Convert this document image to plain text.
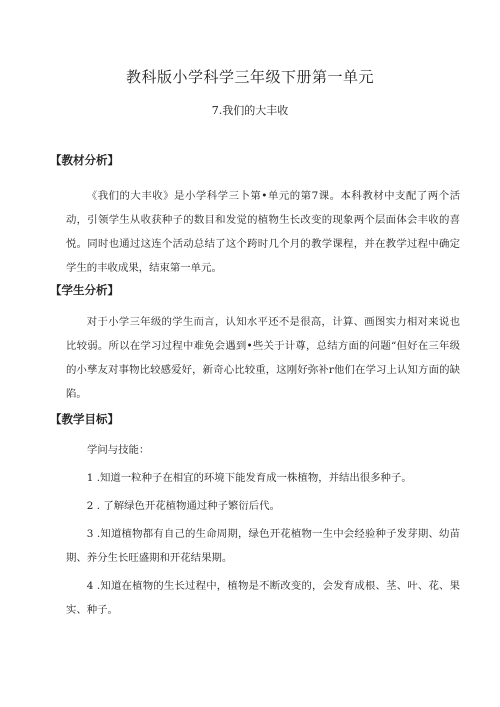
教科版小学科学三年级下册第一单元
7.我们的大丰收
【教材分析】
《我们的大丰收》是小学科学三卜第•单元的第7课。本科教材中支配了两个活动，引领学生从收获种子的数目和发觉的植物生长改变的现象两个层面体会丰收的喜悦。同时也通过这连个活动总结了这个跨时几个月的教学课程，并在教学过程中确定学生的丰收成果，结束第一单元。
【学生分析】
对于小学三年级的学生而言，认知水平还不是很高，计算、画图实力相对来说也比较弱。所以在学习过程中难免会遇到•些关于计尊，总结方面的问题“但好在三年级的小孳友对事物比较感爱好，新奇心比较重，这刚好弥补r他们在学习上认知方面的缺陷。
【教学目标】
学问与技能：
1 .知道一粒种子在相宜的环境下能发育成一株植物，并结出很多种子。
2 . 了解绿色开花植物通过种子繁衍后代。
3 .知道植物都有自己的生命周期，绿色开花植物一生中会经验种子发芽期、幼苗期、养分生长旺盛期和开花结果期。
4 .知道在植物的生长过程中，植物是不断改变的，会发育成根、茎、叶、花、果实、种子。
